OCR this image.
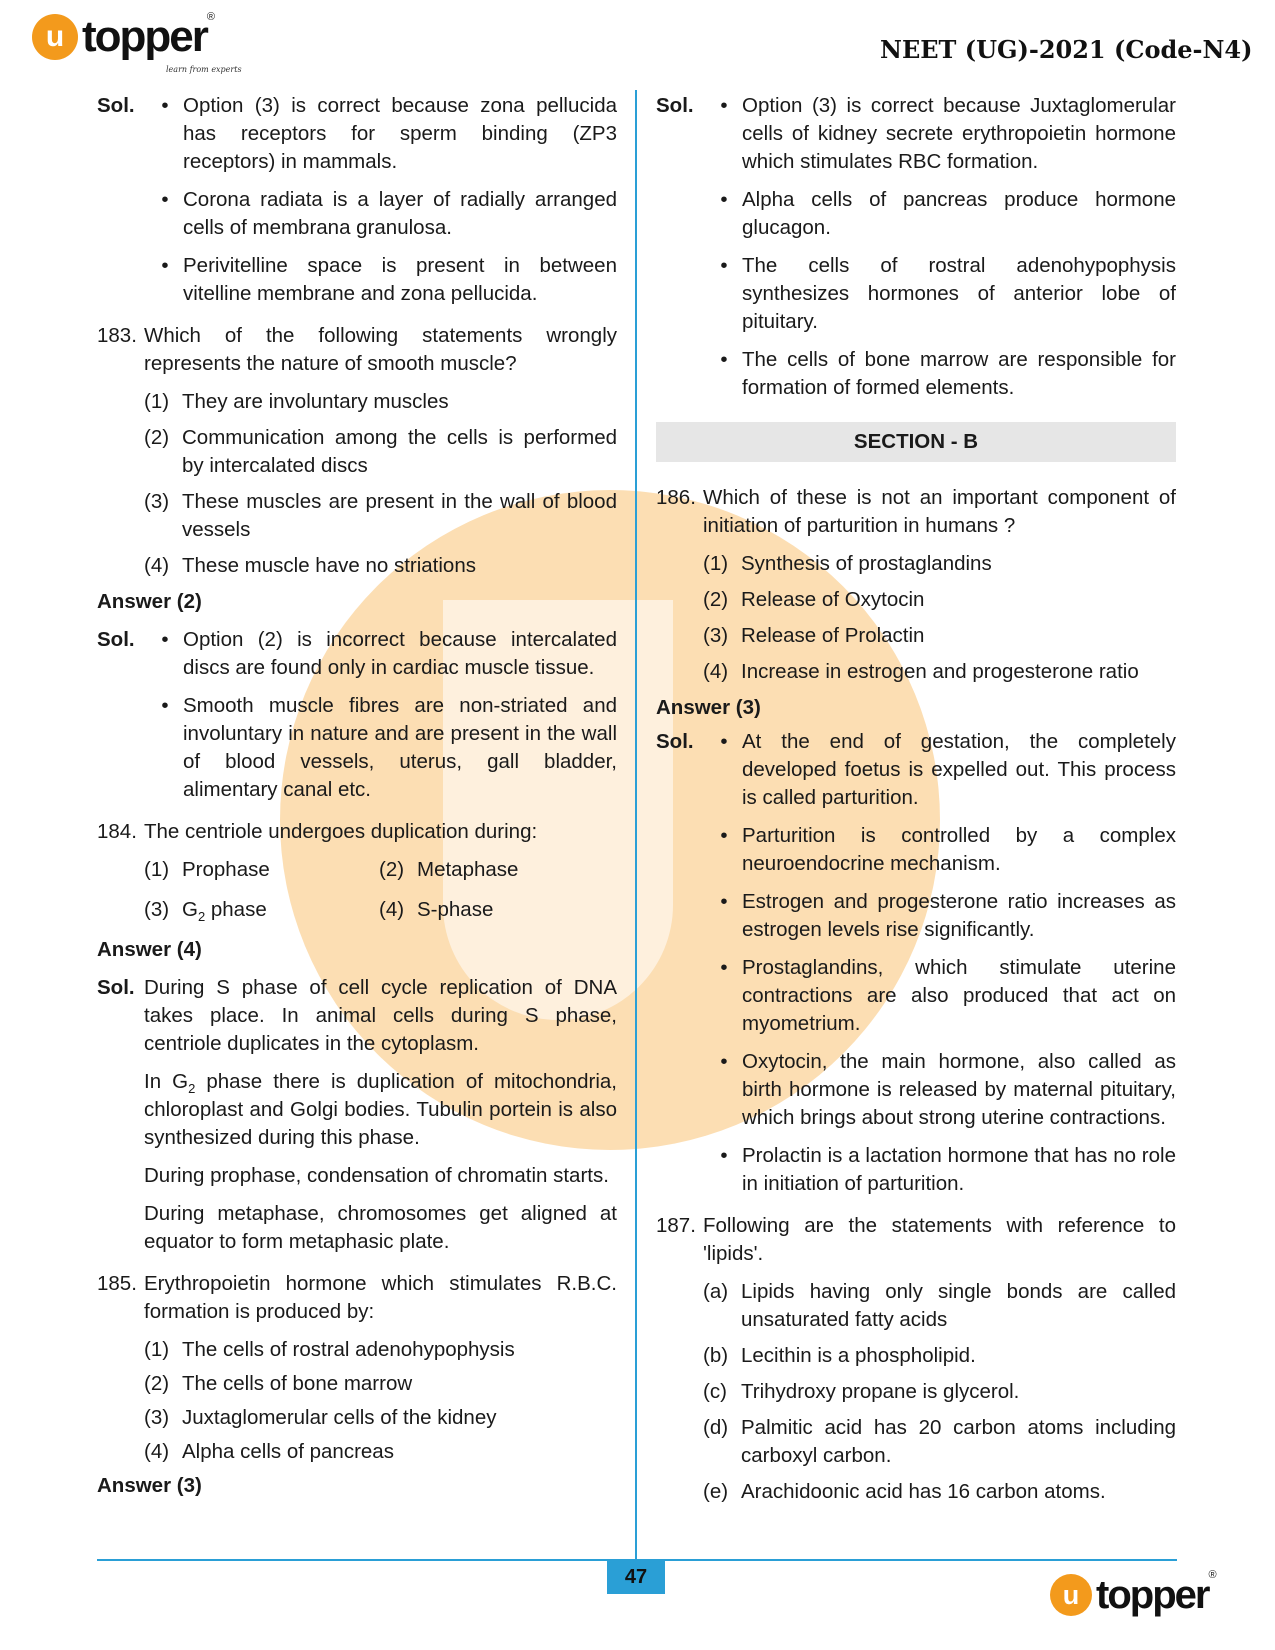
u topper ®
learn from experts
NEET (UG)-2021 (Code-N4)
Sol.	• Option (3) is correct because zona pellucida has receptors for sperm binding (ZP3 receptors) in mammals.
• Corona radiata is a layer of radially arranged cells of membrana granulosa.
• Perivitelline space is present in between vitelline membrane and zona pellucida.
183. Which of the following statements wrongly represents the nature of smooth muscle?
(1) They are involuntary muscles
(2) Communication among the cells is performed by intercalated discs
(3) These muscles are present in the wall of blood vessels
(4) These muscle have no striations
Answer (2)
Sol.	• Option (2) is incorrect because intercalated discs are found only in cardiac muscle tissue.
• Smooth muscle fibres are non-striated and involuntary in nature and are present in the wall of blood vessels, uterus, gall bladder, alimentary canal etc.
184. The centriole undergoes duplication during:
(1) Prophase	(2) Metaphase
(3) $G_2$ phase	(4) S-phase
Answer (4)
Sol. During S phase of cell cycle replication of DNA takes place. In animal cells during S phase, centriole duplicates in the cytoplasm.
In $G_2$ phase there is duplication of mitochondria, chloroplast and Golgi bodies. Tubulin portein is also synthesized during this phase.
During prophase, condensation of chromatin starts.
During metaphase, chromosomes get aligned at equator to form metaphasic plate.
185. Erythropoietin hormone which stimulates R.B.C. formation is produced by:
(1) The cells of rostral adenohypophysis
(2) The cells of bone marrow
(3) Juxtaglomerular cells of the kidney
(4) Alpha cells of pancreas
Answer (3)
Sol.	• Option (3) is correct because Juxtaglomerular cells of kidney secrete erythropoietin hormone which stimulates RBC formation.
• Alpha cells of pancreas produce hormone glucagon.
• The cells of rostral adenohypophysis synthesizes hormones of anterior lobe of pituitary.
• The cells of bone marrow are responsible for formation of formed elements.
SECTION - B
186. Which of these is not an important component of initiation of parturition in humans ?
(1) Synthesis of prostaglandins
(2) Release of Oxytocin
(3) Release of Prolactin
(4) Increase in estrogen and progesterone ratio
Answer (3)
Sol.	• At the end of gestation, the completely developed foetus is expelled out. This process is called parturition.
• Parturition is controlled by a complex neuroendocrine mechanism.
• Estrogen and progesterone ratio increases as estrogen levels rise significantly.
• Prostaglandins, which stimulate uterine contractions are also produced that act on myometrium.
• Oxytocin, the main hormone, also called as birth hormone is released by maternal pituitary, which brings about strong uterine contractions.
• Prolactin is a lactation hormone that has no role in initiation of parturition.
187. Following are the statements with reference to 'lipids'.
(a) Lipids having only single bonds are called unsaturated fatty acids
(b) Lecithin is a phospholipid.
(c) Trihydroxy propane is glycerol.
(d) Palmitic acid has 20 carbon atoms including carboxyl carbon.
(e) Arachidoonic acid has 16 carbon atoms.
47
u topper ®
